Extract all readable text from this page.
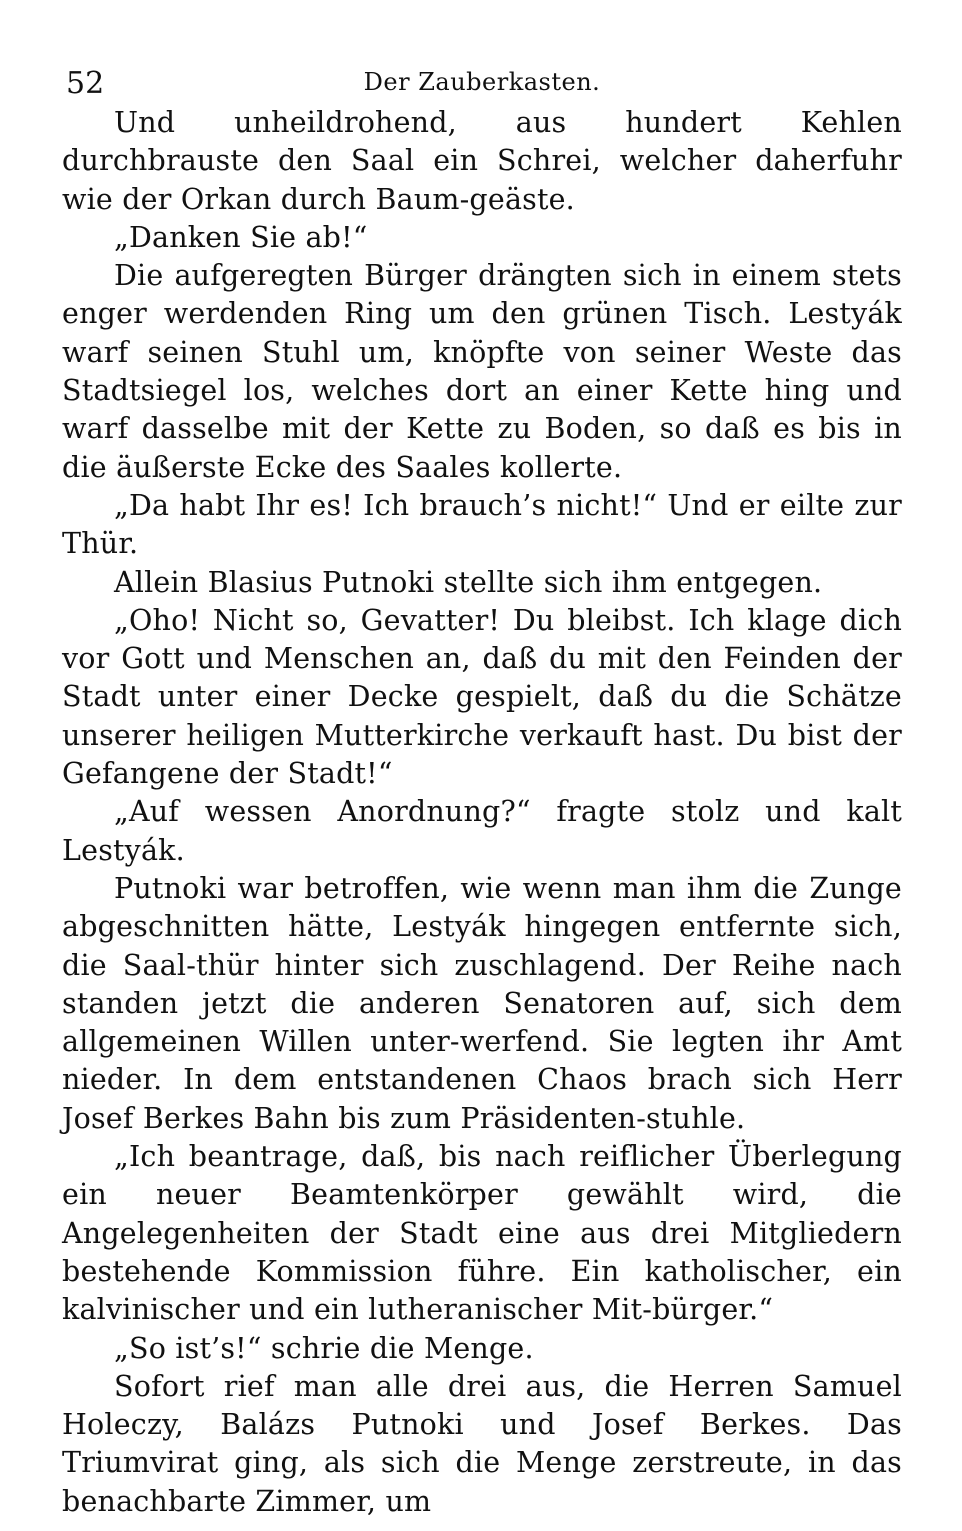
52	Der Zauberkasten.

Und unheildrohend, aus hundert Kehlen durchbrauste den Saal ein Schrei, welcher daherfuhr wie der Orkan durch Baum-geäste.

„Danken Sie ab!“

Die aufgeregten Bürger drängten sich in einem stets enger werdenden Ring um den grünen Tisch. Lestyák warf seinen Stuhl um, knöpfte von seiner Weste das Stadtsiegel los, welches dort an einer Kette hing und warf dasselbe mit der Kette zu Boden, so daß es bis in die äußerste Ecke des Saales kollerte.

„Da habt Ihr es! Ich brauch’s nicht!“ Und er eilte zur Thür.

Allein Blasius Putnoki stellte sich ihm entgegen.

„Oho! Nicht so, Gevatter! Du bleibst. Ich klage dich vor Gott und Menschen an, daß du mit den Feinden der Stadt unter einer Decke gespielt, daß du die Schätze unserer heiligen Mutterkirche verkauft hast. Du bist der Gefangene der Stadt!“

„Auf wessen Anordnung?“ fragte stolz und kalt Lestyák.

Putnoki war betroffen, wie wenn man ihm die Zunge abgeschnitten hätte, Lestyák hingegen entfernte sich, die Saal-thür hinter sich zuschlagend. Der Reihe nach standen jetzt die anderen Senatoren auf, sich dem allgemeinen Willen unter-werfend. Sie legten ihr Amt nieder. In dem entstandenen Chaos brach sich Herr Josef Berkes Bahn bis zum Präsidenten-stuhle.

„Ich beantrage, daß, bis nach reiflicher Überlegung ein neuer Beamtenkörper gewählt wird, die Angelegenheiten der Stadt eine aus drei Mitgliedern bestehende Kommission führe. Ein katholischer, ein kalvinischer und ein lutheranischer Mit-bürger.“

„So ist’s!“ schrie die Menge.

Sofort rief man alle drei aus, die Herren Samuel Holeczy, Balázs Putnoki und Josef Berkes. Das Triumvirat ging, als sich die Menge zerstreute, in das benachbarte Zimmer, um
